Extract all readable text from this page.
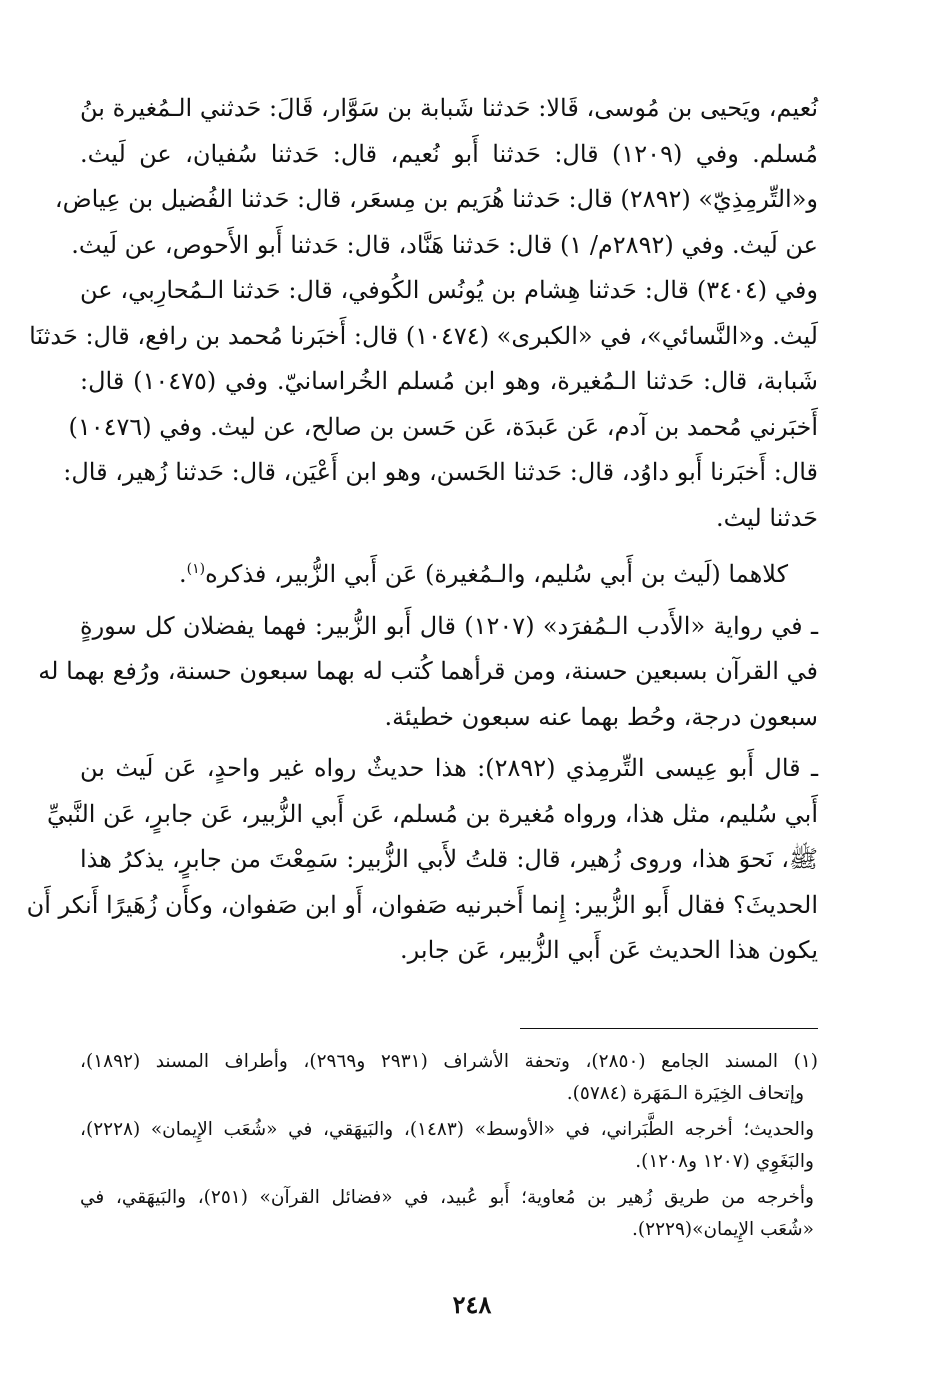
نُعيم، ويَحيى بن مُوسى، قَالا: حَدثنا شَبابة بن سَوَّار، قَالَ: حَدثني الـمُغيرة بنُ
مُسلم. وفي (١٢٠٩) قال: حَدثنا أَبو نُعيم، قال: حَدثنا سُفيان، عن لَيث.
و«التِّرمِذِيّ» (٢٨٩٢) قال: حَدثنا هُرَيم بن مِسعَر، قال: حَدثنا الفُضيل بن عِياض،
عن لَيث. وفي (٢٨٩٢م/ ١) قال: حَدثنا هَنَّاد، قال: حَدثنا أَبو الأَحوص، عن لَيث.
وفي (٣٤٠٤) قال: حَدثنا هِشام بن يُونُس الكُوفي، قال: حَدثنا الـمُحارِبي، عن
لَيث. و«النَّسائي»، في «الكبرى» (١٠٤٧٤) قال: أَخبَرنا مُحمد بن رافع، قال: حَدثنَا
شَبابة، قال: حَدثنا الـمُغيرة، وهو ابن مُسلم الخُراسانيّ. وفي (١٠٤٧٥) قال:
أَخبَرني مُحمد بن آدم، عَن عَبدَة، عَن حَسن بن صالح، عن ليث. وفي (١٠٤٧٦)
قال: أَخبَرنا أَبو داوُد، قال: حَدثنا الحَسن، وهو ابن أَعْيَن، قال: حَدثنا زُهير، قال:
حَدثنا ليث.
كلاهما (لَيث بن أَبي سُليم، والـمُغيرة) عَن أَبي الزُّبير، فذكره$^{(١)}$.
ـ في رواية «الأَدب الـمُفرَد» (١٢٠٧) قال أَبو الزُّبير: فهما يفضلان كل سورةٍ
في القرآن بسبعين حسنة، ومن قرأهما كُتب له بهما سبعون حسنة، ورُفع بهما له
سبعون درجة، وحُط بهما عنه سبعون خطيئة.
ـ قال أَبو عِيسى التِّرمِذي (٢٨٩٢): هذا حديثٌ رواه غير واحدٍ، عَن لَيث بن
أَبي سُليم، مثل هذا، ورواه مُغيرة بن مُسلم، عَن أَبي الزُّبير، عَن جابرٍ، عَن النَّبيِّ
ﷺ، نَحوَ هذا، وروى زُهير، قال: قلتُ لأَبي الزُّبير: سَمِعْتَ من جابرٍ، يذكرُ هذا
الحديثَ؟ فقال أَبو الزُّبير: إِنما أَخبرنيه صَفوان، أَو ابن صَفوان، وكأَن زُهَيرًا أَنكر أَن
يكون هذا الحديث عَن أَبي الزُّبير، عَن جابر.
(١) المسند الجامع (٢٨٥٠)، وتحفة الأشراف (٢٩٣١ و٢٩٦٩)، وأطراف المسند (١٨٩٢)،
وإتحاف الخِيَرة الـمَهَرة (٥٧٨٤).
والحديث؛ أخرجه الطَّبَراني، في «الأوسط» (١٤٨٣)، والبَيهَقي، في «شُعَب الإِيمان» (٢٢٢٨)،
والبَغَوِي (١٢٠٧ و١٢٠٨).
وأخرجه من طريق زُهير بن مُعاوية؛ أَبو عُبيد، في «فضائل القرآن» (٢٥١)، والبَيهَقي، في
«شُعَب الإِيمان»(٢٢٢٩).
٢٤٨
